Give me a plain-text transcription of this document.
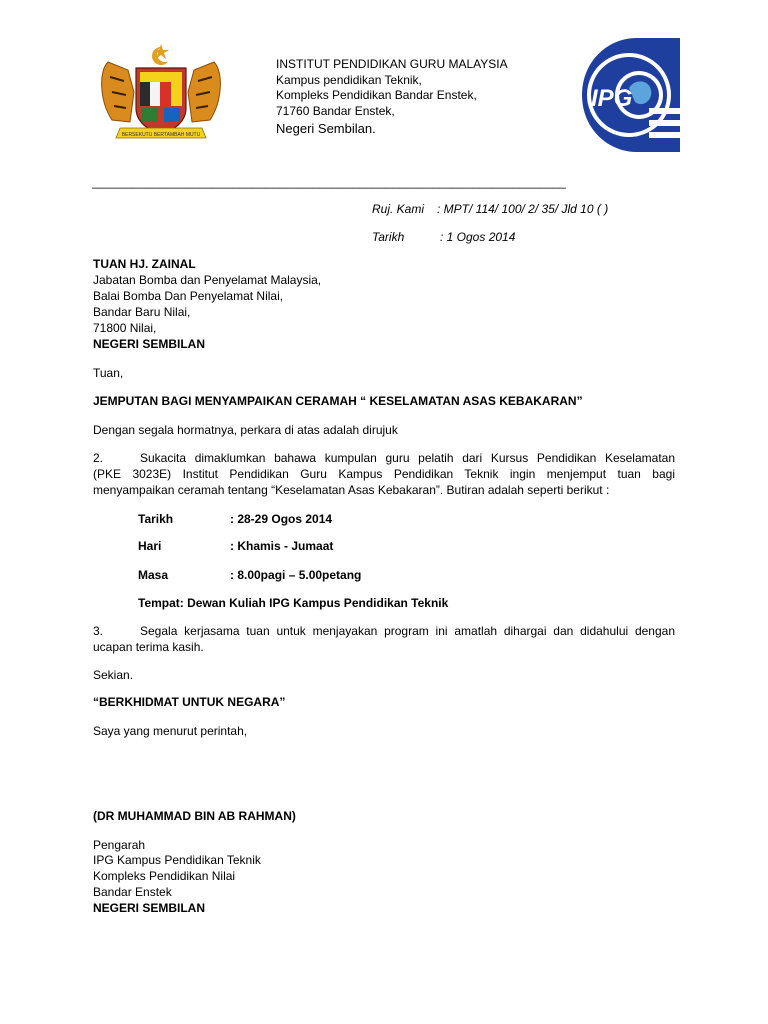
BERSEKUTU BERTAMBAH MUTU
INSTITUT PENDIDIKAN GURU MALAYSIA
Kampus pendidikan Teknik,
Kompleks Pendidikan Bandar Enstek,
71760 Bandar Enstek,
Negeri Sembilan.
IPG
_______________________________________________________________________
Ruj. Kami : MPT/ 114/ 100/ 2/ 35/ Jld 10 ( )
Tarikh	: 1 Ogos 2014
TUAN HJ. ZAINAL
Jabatan Bomba dan Penyelamat Malaysia,
Balai Bomba Dan Penyelamat Nilai,
Bandar Baru Nilai,
71800 Nilai,
NEGERI SEMBILAN
Tuan,
JEMPUTAN BAGI MENYAMPAIKAN CERAMAH “ KESELAMATAN ASAS KEBAKARAN”
Dengan segala hormatnya, perkara di atas adalah dirujuk
2.	Sukacita dimaklumkan bahawa kumpulan guru pelatih dari Kursus Pendidikan Keselamatan
(PKE 3023E) Institut Pendidikan Guru Kampus Pendidikan Teknik ingin menjemput tuan bagi
menyampaikan ceramah tentang “Keselamatan Asas Kebakaran”. Butiran adalah seperti berikut :
Tarikh	: 28-29 Ogos 2014
Hari	: Khamis - Jumaat
Masa	: 8.00pagi – 5.00petang
Tempat: Dewan Kuliah IPG Kampus Pendidikan Teknik
3.	Segala kerjasama tuan untuk menjayakan program ini amatlah dihargai dan didahului dengan
ucapan terima kasih.
Sekian.
“BERKHIDMAT UNTUK NEGARA”
Saya yang menurut perintah,
(DR MUHAMMAD BIN AB RAHMAN)
Pengarah
IPG Kampus Pendidikan Teknik
Kompleks Pendidikan Nilai
Bandar Enstek
NEGERI SEMBILAN
